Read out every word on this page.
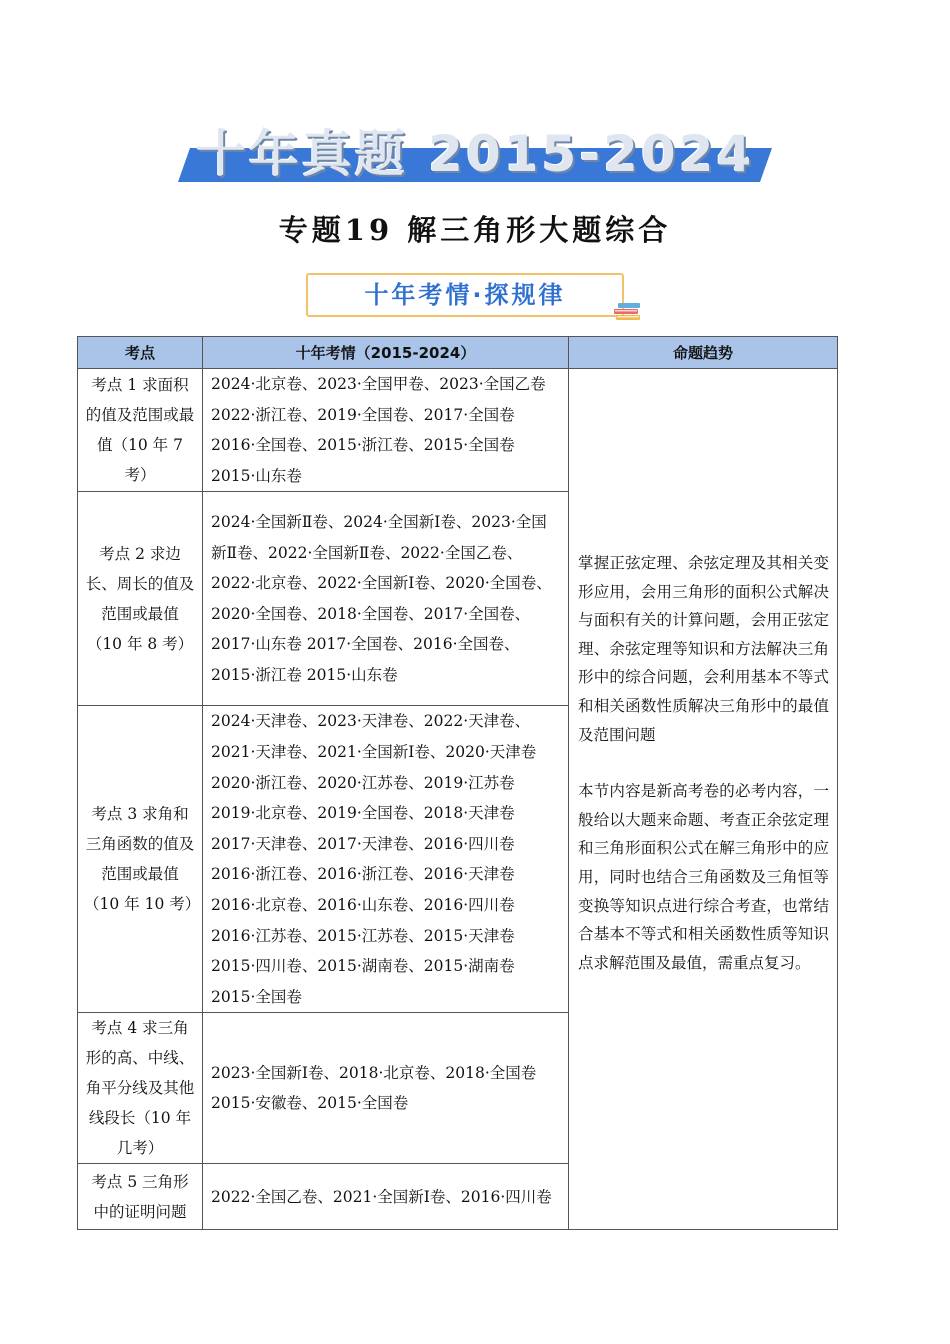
十年真题 2015-2024
专题19 解三角形大题综合
十年考情·探规律
考点	十年考情（2015-2024）	命题趋势
考点 1 求面积的值及范围或最值（10 年 7 考）	2024·北京卷、2023·全国甲卷、2023·全国乙卷 2022·浙江卷、2019·全国卷、2017·全国卷 2016·全国卷、2015·浙江卷、2015·全国卷 2015·山东卷	掌握正弦定理、余弦定理及其相关变形应用，会用三角形的面积公式解决与面积有关的计算问题，会用正弦定理、余弦定理等知识和方法解决三角形中的综合问题，会利用基本不等式和相关函数性质解决三角形中的最值及范围问题

本节内容是新高考卷的必考内容，一般给以大题来命题、考查正余弦定理和三角形面积公式在解三角形中的应用，同时也结合三角函数及三角恒等变换等知识点进行综合考查，也常结合基本不等式和相关函数性质等知识点求解范围及最值，需重点复习。

考点 2 求边长、周长的值及范围或最值（10 年 8 考）	2024·全国新Ⅱ卷、2024·全国新Ⅰ卷、2023·全国新Ⅱ卷、2022·全国新Ⅱ卷、2022·全国乙卷、2022·北京卷、2022·全国新Ⅰ卷、2020·全国卷、2020·全国卷、2018·全国卷、2017·全国卷、2017·山东卷 2017·全国卷、2016·全国卷、2015·浙江卷 2015·山东卷	
考点 3 求角和三角函数的值及范围或最值（10 年 10 考）	2024·天津卷、2023·天津卷、2022·天津卷、2021·天津卷、2021·全国新Ⅰ卷、2020·天津卷 2020·浙江卷、2020·江苏卷、2019·江苏卷 2019·北京卷、2019·全国卷、2018·天津卷 2017·天津卷、2017·天津卷、2016·四川卷 2016·浙江卷、2016·浙江卷、2016·天津卷 2016·北京卷、2016·山东卷、2016·四川卷 2016·江苏卷、2015·江苏卷、2015·天津卷 2015·四川卷、2015·湖南卷、2015·湖南卷 2015·全国卷	
考点 4 求三角形的高、中线、角平分线及其他线段长（10 年几考）	2023·全国新Ⅰ卷、2018·北京卷、2018·全国卷 2015·安徽卷、2015·全国卷	
考点 5 三角形中的证明问题	2022·全国乙卷、2021·全国新Ⅰ卷、2016·四川卷	
